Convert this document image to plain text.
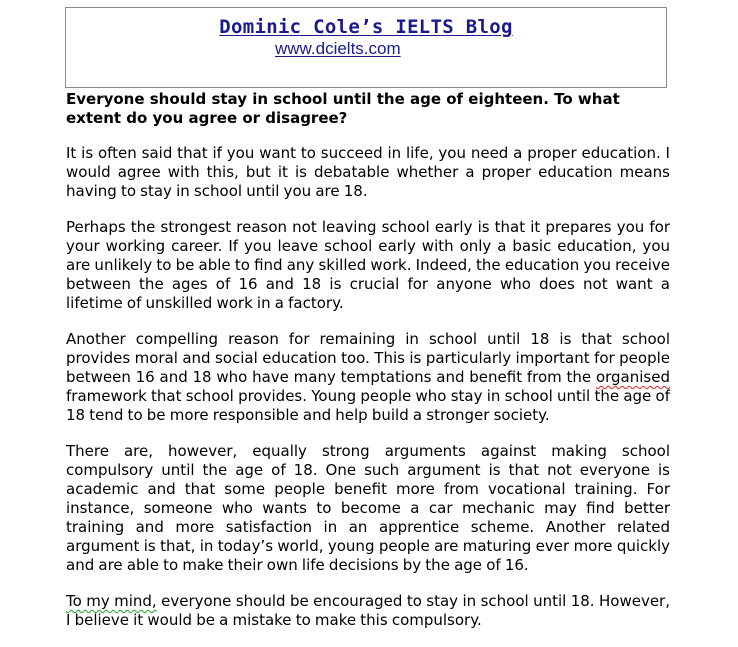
Dominic Cole’s IELTS Blog
www.dcielts.com

Everyone should stay in school until the age of eighteen. To what extent do you agree or disagree?

It is often said that if you want to succeed in life, you need a proper education. I would agree with this, but it is debatable whether a proper education means having to stay in school until you are 18.

Perhaps the strongest reason not leaving school early is that it prepares you for your working career. If you leave school early with only a basic education, you are unlikely to be able to find any skilled work. Indeed, the education you receive between the ages of 16 and 18 is crucial for anyone who does not want a lifetime of unskilled work in a factory.

Another compelling reason for remaining in school until 18 is that school provides moral and social education too. This is particularly important for people between 16 and 18 who have many temptations and benefit from the organised framework that school provides. Young people who stay in school until the age of 18 tend to be more responsible and help build a stronger society.

There are, however, equally strong arguments against making school compulsory until the age of 18. One such argument is that not everyone is academic and that some people benefit more from vocational training. For instance, someone who wants to become a car mechanic may find better training and more satisfaction in an apprentice scheme. Another related argument is that, in today’s world, young people are maturing ever more quickly and are able to make their own life decisions by the age of 16.

To my mind, everyone should be encouraged to stay in school until 18. However, I believe it would be a mistake to make this compulsory.
